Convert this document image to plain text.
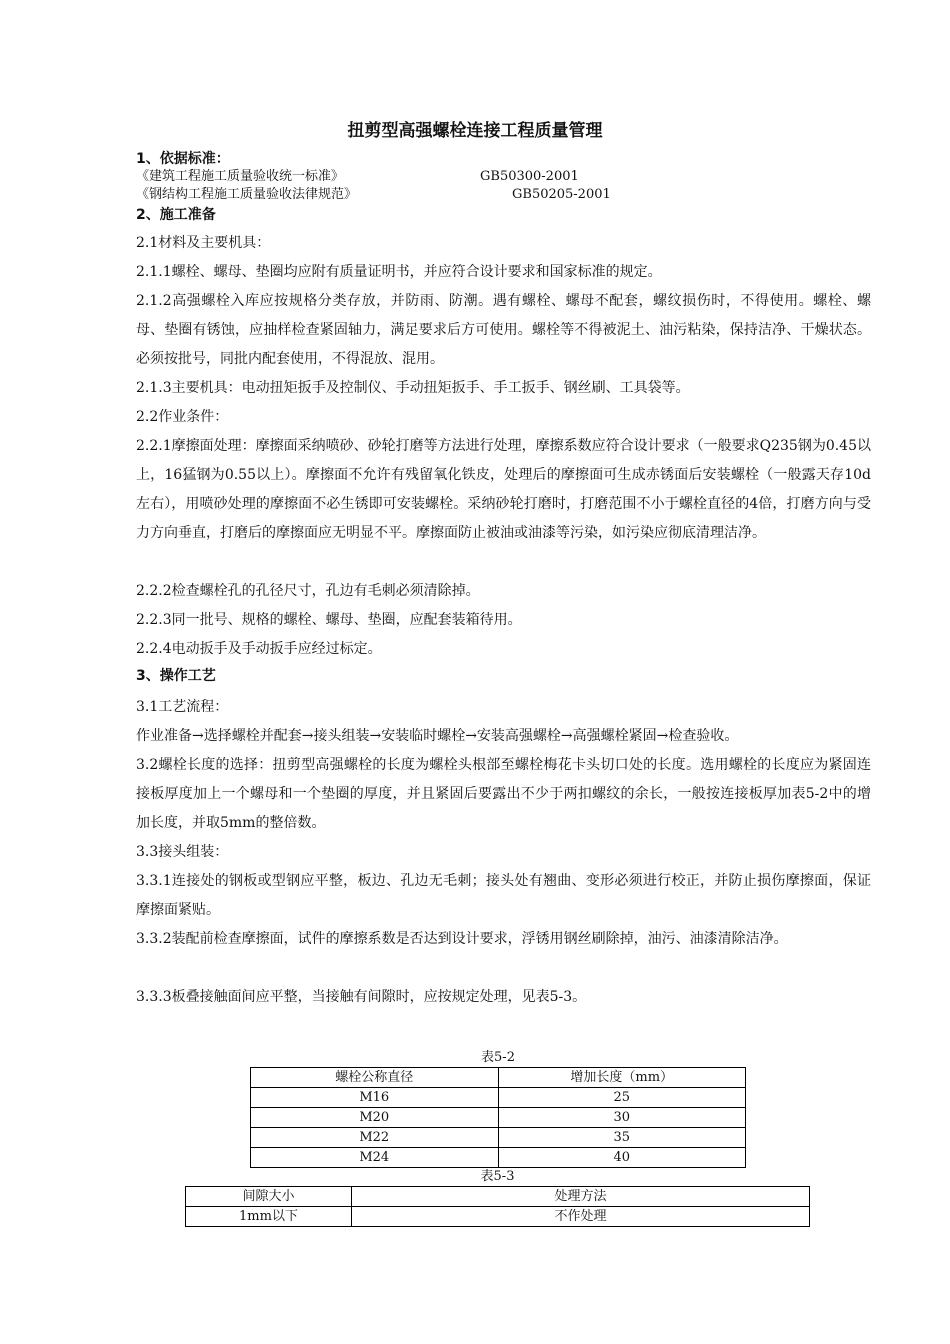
扭剪型高强螺栓连接工程质量管理
1、依据标准：
《建筑工程施工质量验收统一标准》	GB50300-2001
《钢结构工程施工质量验收法律规范》	GB50205-2001
2、施工准备
2.1材料及主要机具：
2.1.1螺栓、螺母、垫圈均应附有质量证明书，并应符合设计要求和国家标准的规定。
2.1.2高强螺栓入库应按规格分类存放，并防雨、防潮。遇有螺栓、螺母不配套，螺纹损伤时，不得使用。螺栓、螺母、垫圈有锈蚀，应抽样检查紧固轴力，满足要求后方可使用。螺栓等不得被泥土、油污粘染，保持洁净、干燥状态。必须按批号，同批内配套使用，不得混放、混用。
2.1.3主要机具：电动扭矩扳手及控制仪、手动扭矩扳手、手工扳手、钢丝刷、工具袋等。
2.2作业条件：
2.2.1摩擦面处理：摩擦面采纳喷砂、砂轮打磨等方法进行处理，摩擦系数应符合设计要求（一般要求Q235钢为0.45以上，16猛钢为0.55以上）。摩擦面不允许有残留氧化铁皮，处理后的摩擦面可生成赤锈面后安装螺栓（一般露天存10d左右），用喷砂处理的摩擦面不必生锈即可安装螺栓。采纳砂轮打磨时，打磨范围不小于螺栓直径的4倍，打磨方向与受力方向垂直，打磨后的摩擦面应无明显不平。摩擦面防止被油或油漆等污染，如污染应彻底清理洁净。
2.2.2检查螺栓孔的孔径尺寸，孔边有毛刺必须清除掉。
2.2.3同一批号、规格的螺栓、螺母、垫圈，应配套装箱待用。
2.2.4电动扳手及手动扳手应经过标定。
3、操作工艺
3.1工艺流程：
作业准备→选择螺栓并配套→接头组装→安装临时螺栓→安装高强螺栓→高强螺栓紧固→检查验收。
3.2螺栓长度的选择：扭剪型高强螺栓的长度为螺栓头根部至螺栓梅花卡头切口处的长度。选用螺栓的长度应为紧固连接板厚度加上一个螺母和一个垫圈的厚度，并且紧固后要露出不少于两扣螺纹的余长，一般按连接板厚加表5-2中的增加长度，并取5mm的整倍数。
3.3接头组装：
3.3.1连接处的钢板或型钢应平整，板边、孔边无毛刺；接头处有翘曲、变形必须进行校正，并防止损伤摩擦面，保证摩擦面紧贴。
3.3.2装配前检查摩擦面，试件的摩擦系数是否达到设计要求，浮锈用钢丝刷除掉，油污、油漆清除洁净。
3.3.3板叠接触面间应平整，当接触有间隙时，应按规定处理，见表5-3。
表5-2
螺栓公称直径	增加长度（mm）
M16	25
M20	30
M22	35
M24	40
表5-3
间隙大小	处理方法
1mm以下	不作处理
